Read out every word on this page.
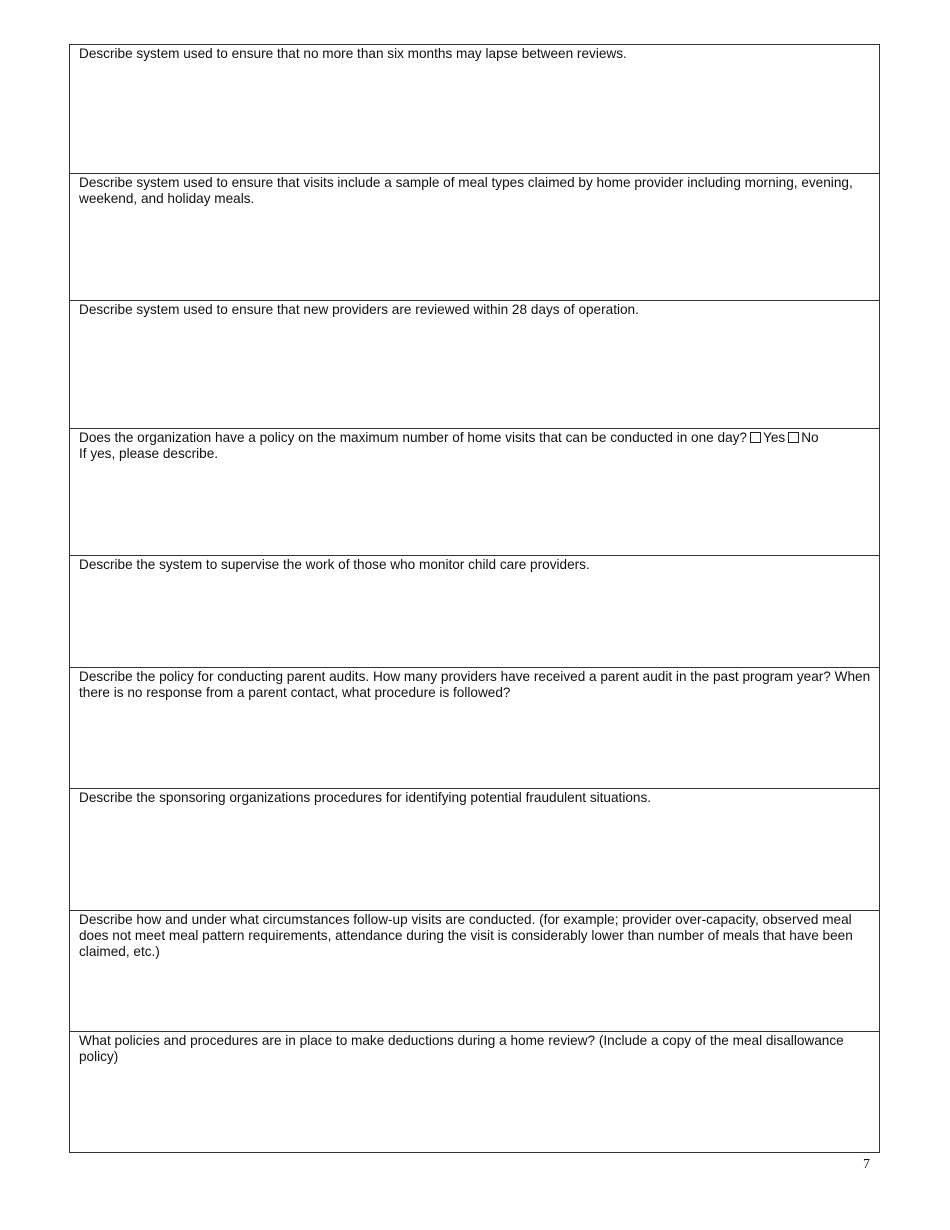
Describe system used to ensure that no more than six months may lapse between reviews.

Describe system used to ensure that visits include a sample of meal types claimed by home provider including morning, evening, weekend, and holiday meals.

Describe system used to ensure that new providers are reviewed within 28 days of operation.

Does the organization have a policy on the maximum number of home visits that can be conducted in one day? Yes No

If yes, please describe.

Describe the system to supervise the work of those who monitor child care providers.

Describe the policy for conducting parent audits. How many providers have received a parent audit in the past program year? When there is no response from a parent contact, what procedure is followed?

Describe the sponsoring organizations procedures for identifying potential fraudulent situations.

Describe how and under what circumstances follow-up visits are conducted. (for example; provider over-capacity, observed meal does not meet meal pattern requirements, attendance during the visit is considerably lower than number of meals that have been claimed, etc.)

What policies and procedures are in place to make deductions during a home review? (Include a copy of the meal disallowance policy)

7
